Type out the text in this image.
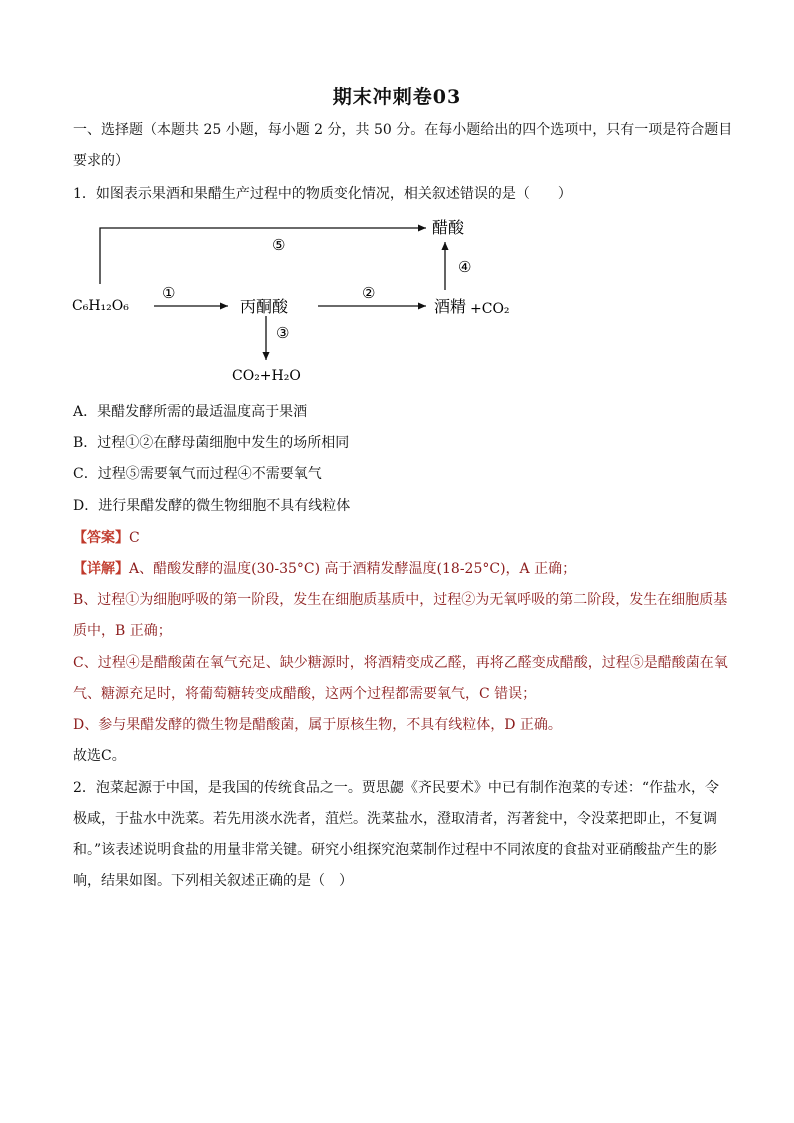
期末冲刺卷03
一、选择题（本题共 25 小题，每小题 2 分，共 50 分。在每小题给出的四个选项中，只有一项是符合题目
要求的）
1．如图表示果酒和果醋生产过程中的物质变化情况，相关叙述错误的是（　　）
C₆H₁₂O₆
①
丙酮酸
②
酒精 +CO₂
③
CO₂+H₂O
④
醋酸
⑤
A．果醋发酵所需的最适温度高于果酒
B．过程①②在酵母菌细胞中发生的场所相同
C．过程⑤需要氧气而过程④不需要氧气
D．进行果醋发酵的微生物细胞不具有线粒体
【答案】C
【详解】A、醋酸发酵的温度(30-35°C) 高于酒精发酵温度(18-25°C)，A 正确；
B、过程①为细胞呼吸的第一阶段，发生在细胞质基质中，过程②为无氧呼吸的第二阶段，发生在细胞质基
质中，B 正确；
C、过程④是醋酸菌在氧气充足、缺少糖源时，将酒精变成乙醛，再将乙醛变成醋酸，过程⑤是醋酸菌在氧
气、糖源充足时，将葡萄糖转变成醋酸，这两个过程都需要氧气，C 错误；
D、参与果醋发酵的微生物是醋酸菌，属于原核生物，不具有线粒体，D 正确。
故选C。
2．泡菜起源于中国，是我国的传统食品之一。贾思勰《齐民要术》中已有制作泡菜的专述：“作盐水，令
极咸，于盐水中洗菜。若先用淡水洗者，菹烂。洗菜盐水，澄取清者，泻著瓮中，令没菜把即止，不复调
和。”该表述说明食盐的用量非常关键。研究小组探究泡菜制作过程中不同浓度的食盐对亚硝酸盐产生的影
响，结果如图。下列相关叙述正确的是（　）
